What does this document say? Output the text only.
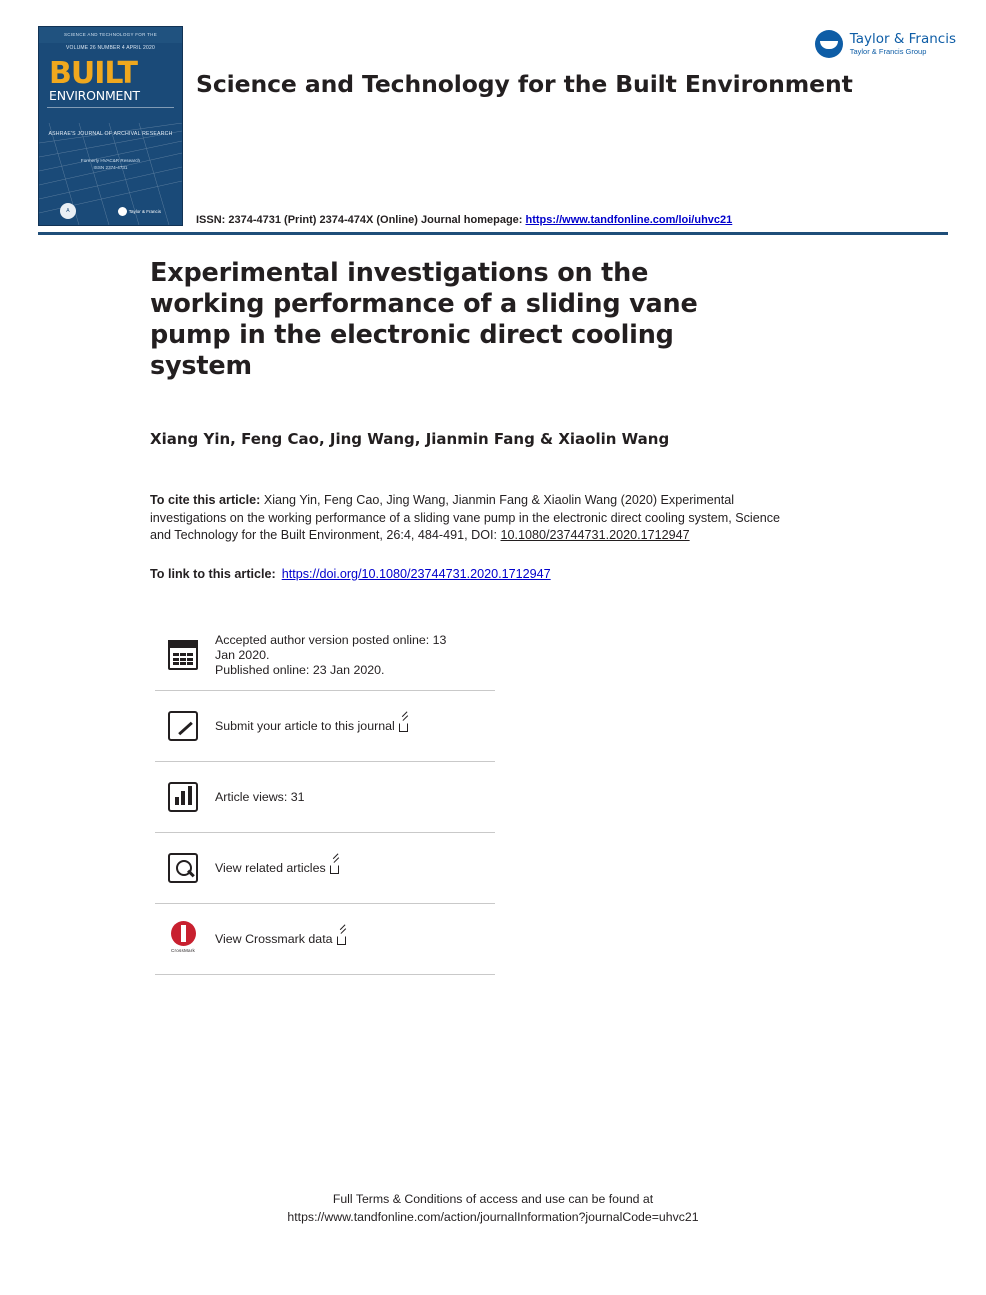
SCIENCE AND TECHNOLOGY FOR THE
VOLUME 26 NUMBER 4 APRIL 2020
BUILT
ENVIRONMENT
ASHRAE'S JOURNAL OF ARCHIVAL RESEARCH
Formerly HVAC&R Research
ISSN 2374-4731
A	Taylor & Francis
Science and Technology for the Built Environment
Taylor & Francis
Taylor & Francis Group
ISSN: 2374-4731 (Print) 2374-474X (Online) Journal homepage: https://www.tandfonline.com/loi/uhvc21
Experimental investigations on the working performance of a sliding vane pump in the electronic direct cooling system
Xiang Yin, Feng Cao, Jing Wang, Jianmin Fang & Xiaolin Wang
To cite this article: Xiang Yin, Feng Cao, Jing Wang, Jianmin Fang & Xiaolin Wang (2020) Experimental investigations on the working performance of a sliding vane pump in the electronic direct cooling system, Science and Technology for the Built Environment, 26:4, 484-491, DOI: 10.1080/23744731.2020.1712947
To link to this article: https://doi.org/10.1080/23744731.2020.1712947
Accepted author version posted online: 13
Jan 2020.
Published online: 23 Jan 2020.
Submit your article to this journal
Article views: 31
View related articles
CrossMark
View Crossmark data
Full Terms & Conditions of access and use can be found at
https://www.tandfonline.com/action/journalInformation?journalCode=uhvc21
